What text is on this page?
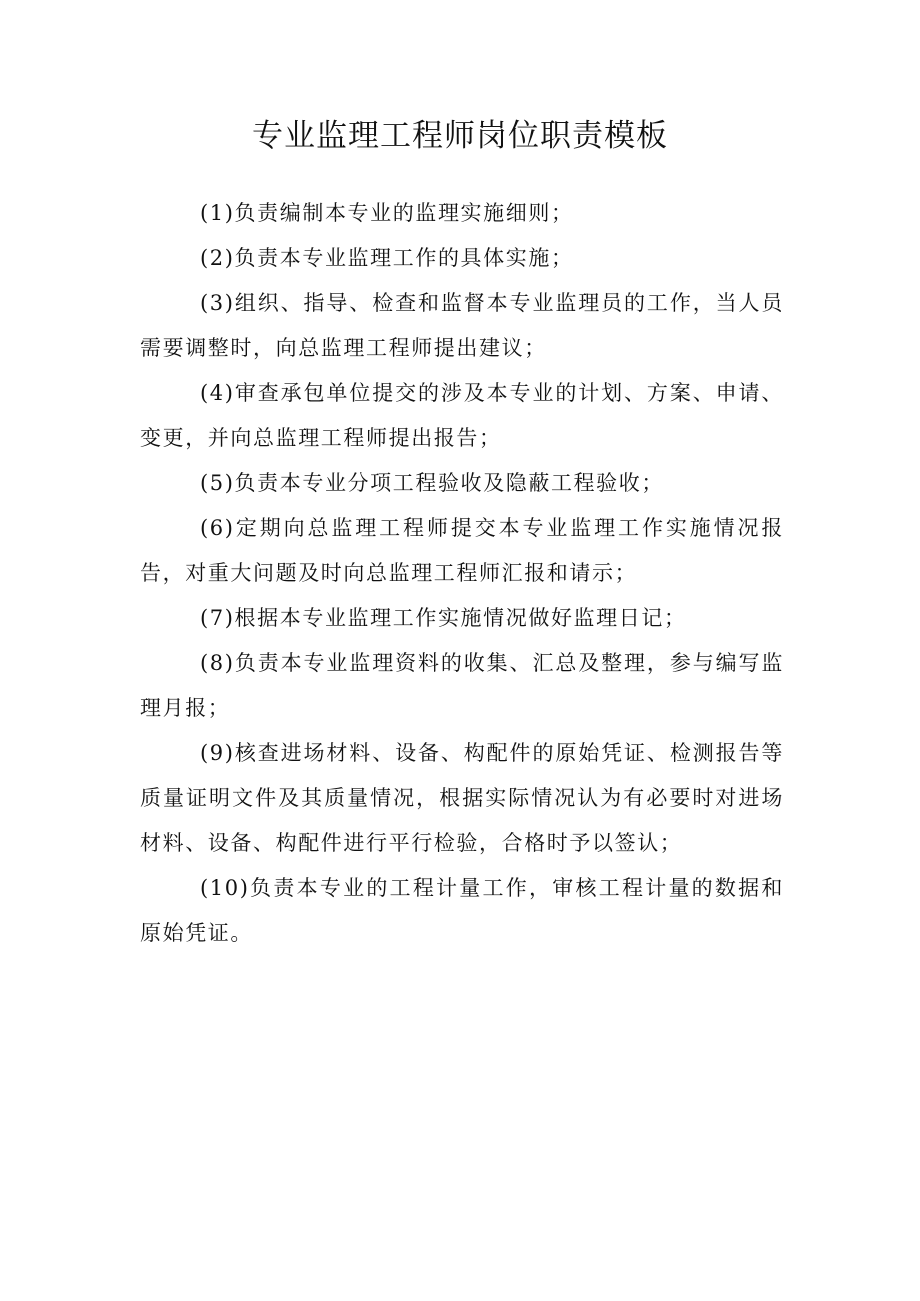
专业监理工程师岗位职责模板
(1)负责编制本专业的监理实施细则；
(2)负责本专业监理工作的具体实施；
(3)组织、指导、检查和监督本专业监理员的工作，当人员需要调整时，向总监理工程师提出建议；
(4)审查承包单位提交的涉及本专业的计划、方案、申请、变更，并向总监理工程师提出报告；
(5)负责本专业分项工程验收及隐蔽工程验收；
(6)定期向总监理工程师提交本专业监理工作实施情况报告，对重大问题及时向总监理工程师汇报和请示；
(7)根据本专业监理工作实施情况做好监理日记；
(8)负责本专业监理资料的收集、汇总及整理，参与编写监理月报；
(9)核查进场材料、设备、构配件的原始凭证、检测报告等质量证明文件及其质量情况，根据实际情况认为有必要时对进场材料、设备、构配件进行平行检验，合格时予以签认；
(10)负责本专业的工程计量工作，审核工程计量的数据和原始凭证。
